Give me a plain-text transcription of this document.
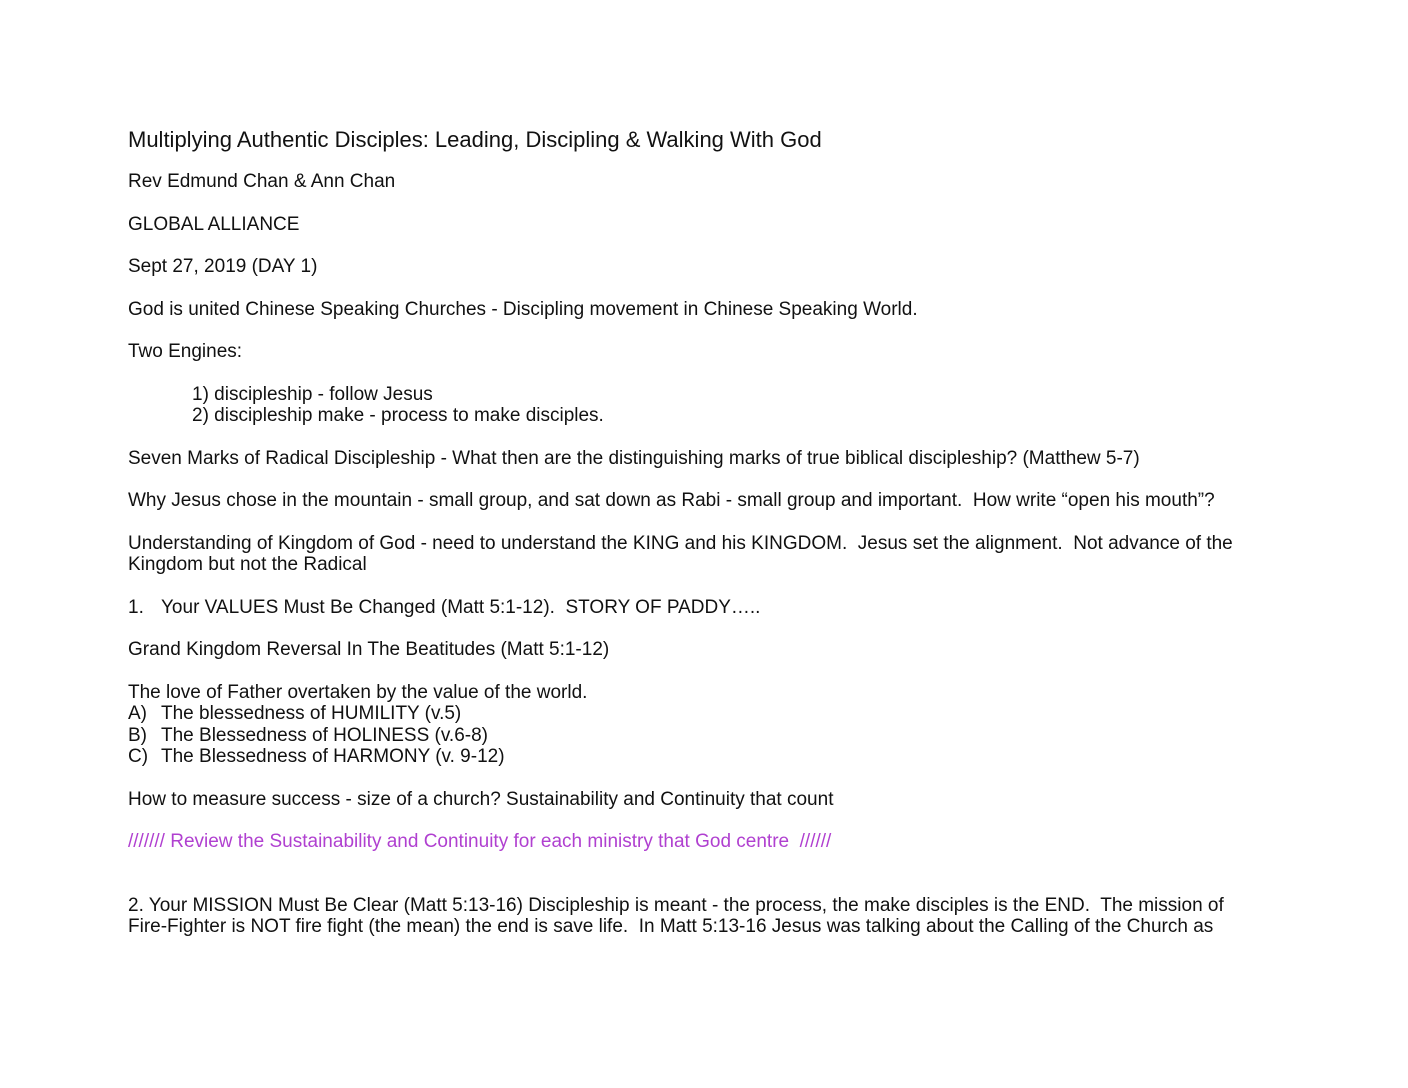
Multiplying Authentic Disciples: Leading, Discipling & Walking With God

Rev Edmund Chan & Ann Chan

GLOBAL ALLIANCE

Sept 27, 2019 (DAY 1)

God is united Chinese Speaking Churches - Discipling movement in Chinese Speaking World.

Two Engines:

1) discipleship - follow Jesus

2) discipleship make - process to make disciples.

Seven Marks of Radical Discipleship - What then are the distinguishing marks of true biblical discipleship? (Matthew 5-7)

Why Jesus chose in the mountain - small group, and sat down as Rabi - small group and important.  How write “open his mouth”?

Understanding of Kingdom of God - need to understand the KING and his KINGDOM.  Jesus set the alignment.  Not advance of the

Kingdom but not the Radical

1. Your VALUES Must Be Changed (Matt 5:1-12).  STORY OF PADDY…..

Grand Kingdom Reversal In The Beatitudes (Matt 5:1-12)

The love of Father overtaken by the value of the world.

A) The blessedness of HUMILITY (v.5)
B) The Blessedness of HOLINESS (v.6-8)
C) The Blessedness of HARMONY (v. 9-12)

How to measure success - size of a church? Sustainability and Continuity that count

/////// Review the Sustainability and Continuity for each ministry that God centre  //////

2. Your MISSION Must Be Clear (Matt 5:13-16) Discipleship is meant - the process, the make disciples is the END.  The mission of

Fire-Fighter is NOT fire fight (the mean) the end is save life.  In Matt 5:13-16 Jesus was talking about the Calling of the Church as
